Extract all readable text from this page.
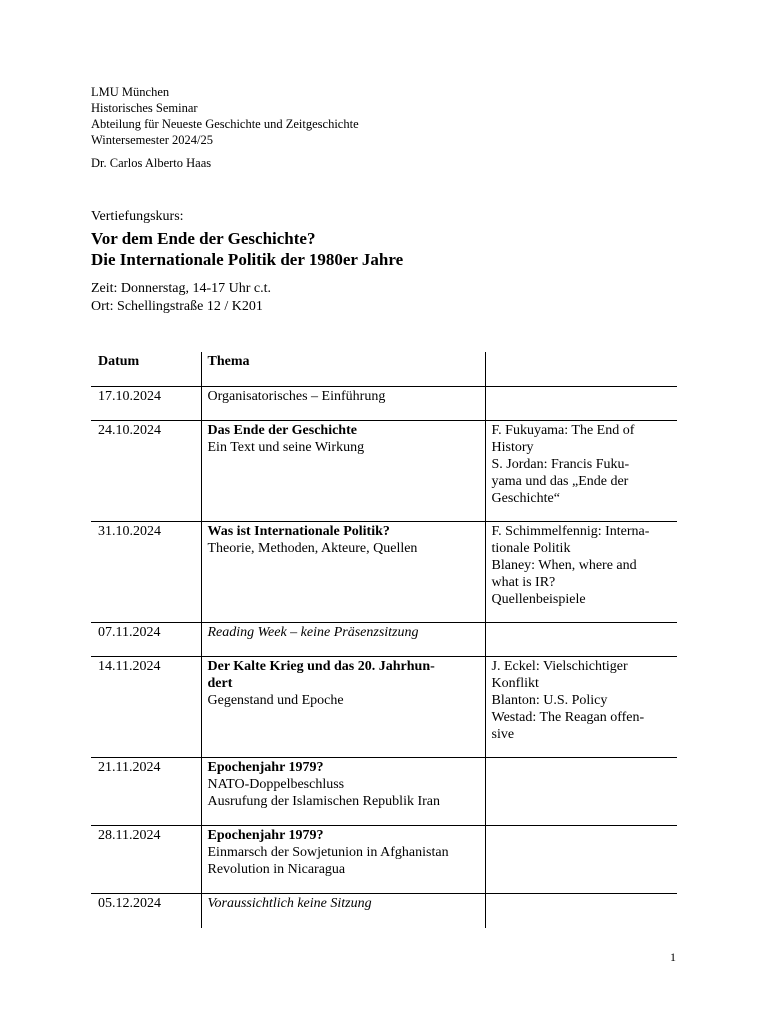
LMU München
Historisches Seminar
Abteilung für Neueste Geschichte und Zeitgeschichte
Wintersemester 2024/25
Dr. Carlos Alberto Haas
Vertiefungskurs:
Vor dem Ende der Geschichte?
Die Internationale Politik der 1980er Jahre
Zeit: Donnerstag, 14-17 Uhr c.t.
Ort: Schellingstraße 12 / K201
Datum	Thema	
17.10.2024	Organisatorisches – Einführung	

24.10.2024	Das Ende der Geschichte
Ein Text und seine Wirkung	F. Fukuyama: The End of
History
S. Jordan: Francis Fuku-
yama und das „Ende der
Geschichte“

31.10.2024	Was ist Internationale Politik?
Theorie, Methoden, Akteure, Quellen	F. Schimmelfennig: Interna-
tionale Politik
Blaney: When, where and
what is IR?
Quellenbeispiele

07.11.2024	Reading Week – keine Präsenzsitzung	

14.11.2024	Der Kalte Krieg und das 20. Jahrhun-
dert
Gegenstand und Epoche	J. Eckel: Vielschichtiger
Konflikt
Blanton: U.S. Policy
Westad: The Reagan offen-
sive

21.11.2024	Epochenjahr 1979?
NATO-Doppelbeschluss
Ausrufung der Islamischen Republik Iran	

28.11.2024	Epochenjahr 1979?
Einmarsch der Sowjetunion in Afghanistan
Revolution in Nicaragua	

05.12.2024	Voraussichtlich keine Sitzung	

1
